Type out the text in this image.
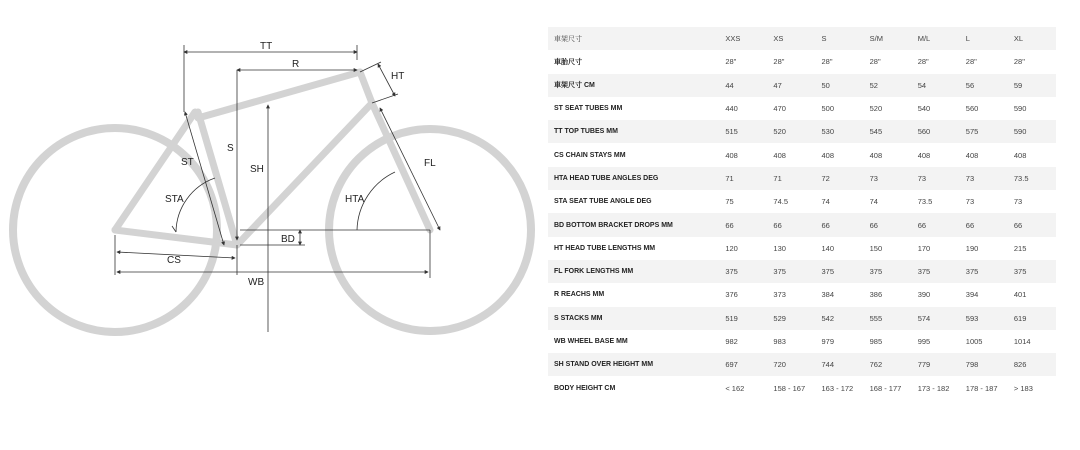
TT
R
HT
S
SH
ST
STA
FL
HTA
BD
CS
WB
車架尺寸	XXS	XS	S	S/M	M/L	L	XL
車胎尺寸	28"	28"	28"	28"	28"	28"	28"
車架尺寸 CM	44	47	50	52	54	56	59
ST SEAT TUBES MM	440	470	500	520	540	560	590
TT TOP TUBES MM	515	520	530	545	560	575	590
CS CHAIN STAYS MM	408	408	408	408	408	408	408
HTA HEAD TUBE ANGLES DEG	71	71	72	73	73	73	73.5
STA SEAT TUBE ANGLE DEG	75	74.5	74	74	73.5	73	73
BD BOTTOM BRACKET DROPS MM	66	66	66	66	66	66	66
HT HEAD TUBE LENGTHS MM	120	130	140	150	170	190	215
FL FORK LENGTHS MM	375	375	375	375	375	375	375
R REACHS MM	376	373	384	386	390	394	401
S STACKS MM	519	529	542	555	574	593	619
WB WHEEL BASE MM	982	983	979	985	995	1005	1014
SH STAND OVER HEIGHT MM	697	720	744	762	779	798	826
BODY HEIGHT CM	< 162	158 - 167	163 - 172	168 - 177	173 - 182	178 - 187	> 183
